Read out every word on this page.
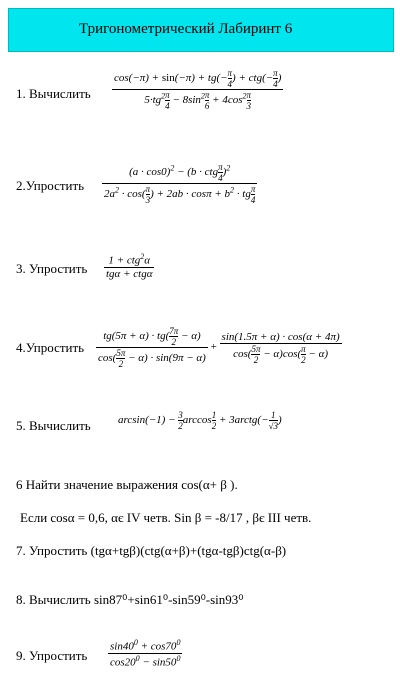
Тригонометрический Лабиринт 6
1. Вычислить $\frac{\cos(-\pi) + \sin(-\pi) + tg(- \frac{\pi}{4} ) + ctg(- \frac{\pi}{4} )}{5\cdot tg^2 \frac{\pi}{4} - 8\sin^2 \frac{\pi}{6} + 4\cos^2 \frac{\pi}{3}}$
2.Упростить $\frac{(a \cdot \cos 0)^2 - (b \cdot ctg \frac{\pi}{4} )^2}{2a^2 \cdot \cos( \frac{\pi}{3} ) + 2ab \cdot \cos\pi + b^2 \cdot tg \frac{\pi}{4}}$
3. Упростить $\frac{1 + ctg^2\alpha}{\text{tgα + ctgα}}$
4.Упростить $\frac{tg(5\pi + \alpha) \cdot tg( \frac{7\pi}{2} - \alpha)}{\cos( \frac{5\pi}{2} - \alpha) \cdot \sin(9\pi - \alpha)} + \frac{\sin(1.5\pi + \alpha) \cdot \cos(\alpha + 4\pi)}{\cos( \frac{5\pi}{2} - \alpha)\cos( \frac{\pi}{2} - \alpha)}$
5. Вычислить $\arcsin(-1) - \frac{3}{2}$ $\arccos \frac{1}{2}$ + 3arctg(− $\frac{1}{√3}$ )
6 Найти значение выражения cos(α+ β ).
Если cosα = 0,6, αє IV четв. Sin β = -8/17 , βє III четв.
7. Упростить (tgα+tgβ)(ctg(α+β)+(tgα-tgβ)ctg(α-β)
8. Вычислить sin87⁰+sin61⁰-sin59⁰-sin93⁰
9. Упростить $\frac{\sin 40^0 + \cos 70^0}{\cos 20^0 - \sin 50^0}$
